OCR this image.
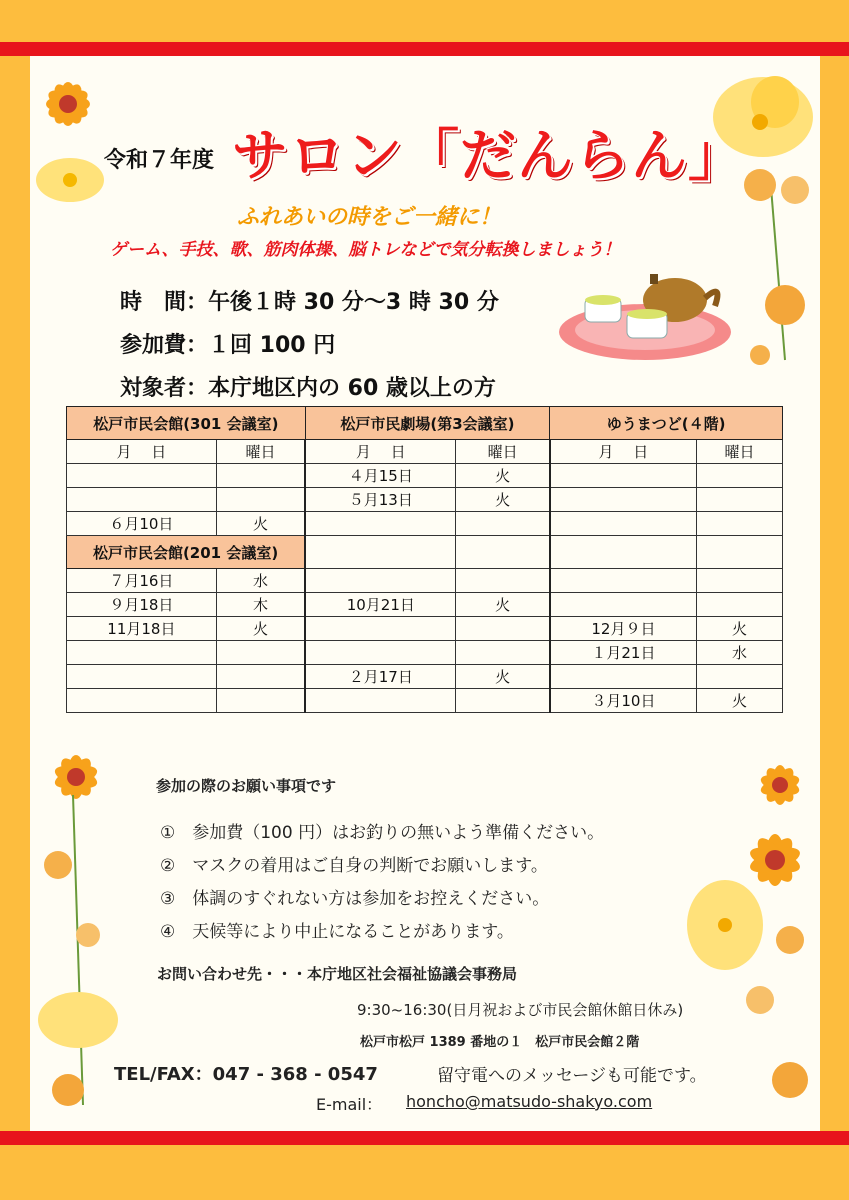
令和７年度 サロン「だんらん」
ふれあいの時をご一緒に！
ゲーム、手技、歌、筋肉体操、脳トレなどで気分転換しましょう！
時　間：午後１時 30 分～3 時 30 分
参加費：１回 100 円
対象者：本庁地区内の 60 歳以上の方
松戸市民会館(301 会議室)		松戸市民劇場(第3会議室)		ゆうまつど(４階)	
月　 日	曜日	月　 日	曜日	月　 日	曜日
		４月15日	火		
		５月13日	火		
６月10日	火				
松戸市民会館(201 会議室)					
７月16日	水				
９月18日	木	10月21日	火		
11月18日	火			12月９日	火
				１月21日	水
		２月17日	火		
				３月10日	火
参加の際のお願い事項です
①　参加費（100 円）はお釣りの無いよう準備ください。
②　マスクの着用はご自身の判断でお願いします。
③　体調のすぐれない方は参加をお控えください。
④　天候等により中止になることがあります。
お問い合わせ先・・・本庁地区社会福祉協議会事務局
9:30~16:30(日月祝および市民会館休館日休み)
松戸市松戸 1389 番地の１　松戸市民会館２階
TEL/FAX：047 - 368 - 0547	留守電へのメッセージも可能です。
E-mail： honcho@matsudo-shakyo.com
